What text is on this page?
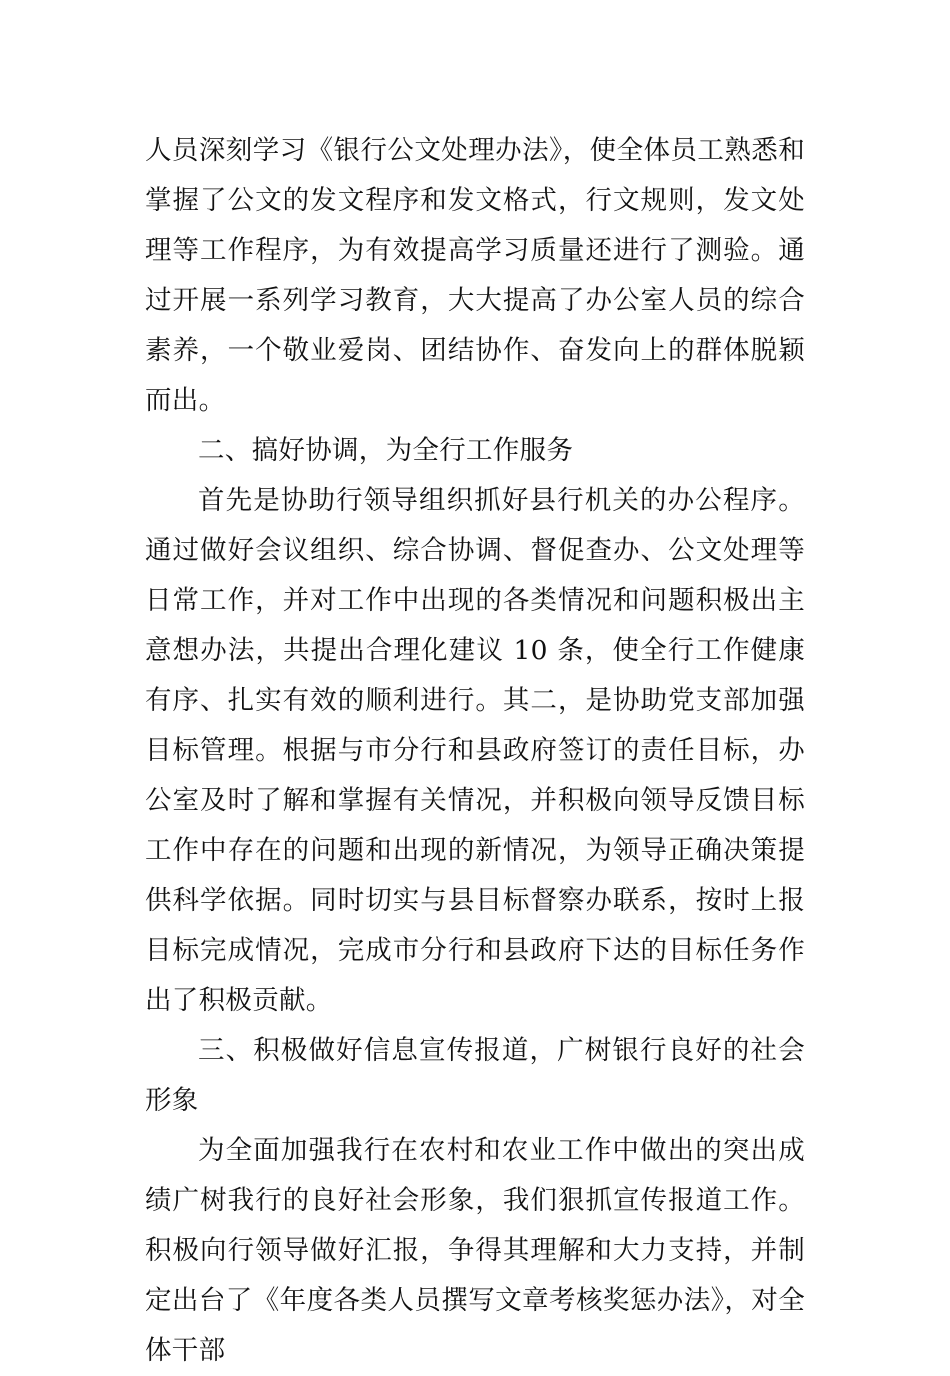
人员深刻学习《银行公文处理办法》，使全体员工熟悉和掌握了公文的发文程序和发文格式，行文规则，发文处理等工作程序，为有效提高学习质量还进行了测验。通过开展一系列学习教育，大大提高了办公室人员的综合素养，一个敬业爱岗、团结协作、奋发向上的群体脱颖而出。

二、搞好协调，为全行工作服务

首先是协助行领导组织抓好县行机关的办公程序。通过做好会议组织、综合协调、督促查办、公文处理等日常工作，并对工作中出现的各类情况和问题积极出主意想办法，共提出合理化建议 10 条，使全行工作健康有序、扎实有效的顺利进行。其二，是协助党支部加强目标管理。根据与市分行和县政府签订的责任目标，办公室及时了解和掌握有关情况，并积极向领导反馈目标工作中存在的问题和出现的新情况，为领导正确决策提供科学依据。同时切实与县目标督察办联系，按时上报目标完成情况，完成市分行和县政府下达的目标任务作出了积极贡献。

三、积极做好信息宣传报道，广树银行良好的社会形象

为全面加强我行在农村和农业工作中做出的突出成绩广树我行的良好社会形象，我们狠抓宣传报道工作。积极向行领导做好汇报，争得其理解和大力支持，并制定出台了《年度各类人员撰写文章考核奖惩办法》，对全体干部
